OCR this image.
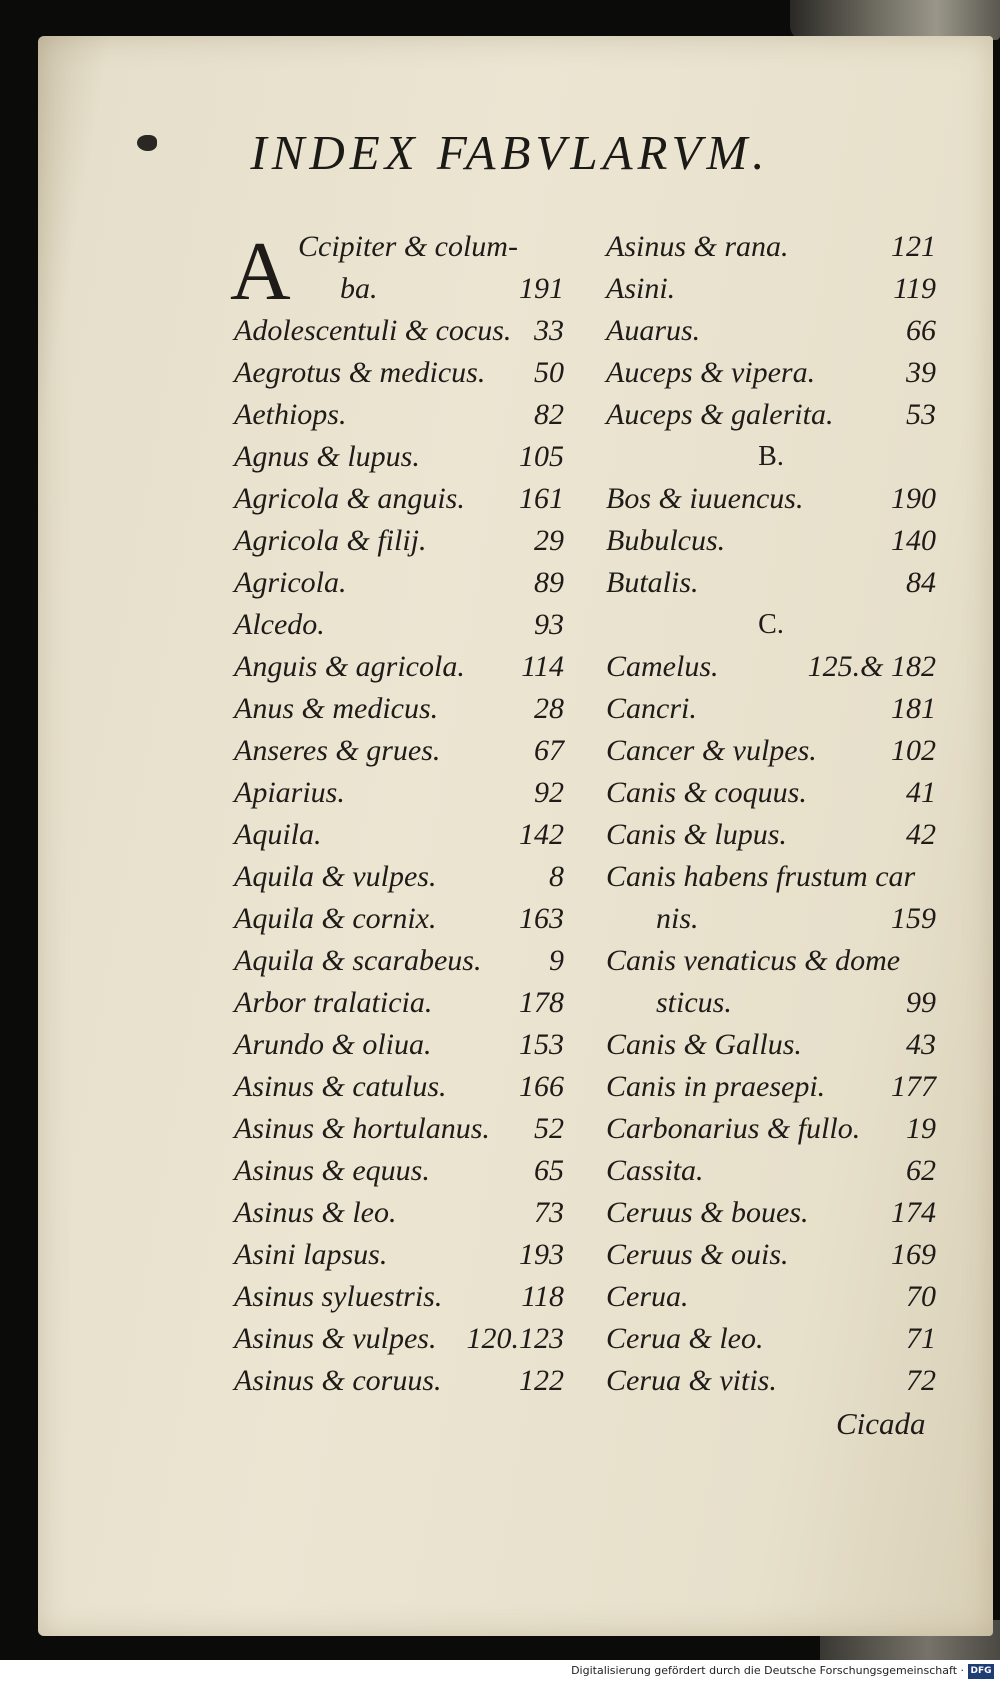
INDEX FABVLARVM.
A Ccipiter & colum-
ba.	191
Adolescentuli & cocus. 33
Aegrotus & medicus. 50
Aethiops.	82
Agnus & lupus.	105
Agricola & anguis. 161
Agricola & filij.	29
Agricola.	89
Alcedo.	93
Anguis & agricola. 114
Anus & medicus.	28
Anseres & grues.	67
Apiarius.	92
Aquila.	142
Aquila & vulpes.	8
Aquila & cornix.	163
Aquila & scarabeus. 9
Arbor tralaticia.	178
Arundo & oliua.	153
Asinus & catulus. 166
Asinus & hortulanus. 52
Asinus & equus.	65
Asinus & leo.	73
Asini lapsus.	193
Asinus syluestris.	118
Asinus & vulpes. 120.123
Asinus & coruus.	122
Asinus & rana.	121
Asini.	119
Auarus.	66
Auceps & vipera.	39
Auceps & galerita. 53
B.
Bos & iuuencus.	190
Bubulcus.	140
Butalis.	84
C.
Camelus.	125.& 182
Cancri.	181
Cancer & vulpes. 102
Canis & coquus.	41
Canis & lupus.	42
Canis habens frustum car
nis.	159
Canis venaticus & dome
sticus.	99
Canis & Gallus.	43
Canis in praesepi. 177
Carbonarius & fullo. 19
Cassita.	62
Ceruus & boues.	174
Ceruus & ouis.	169
Cerua.	70
Cerua & leo.	71
Cerua & vitis.	72
Cicada
Digitalisierung gefördert durch die Deutsche Forschungsgemeinschaft · DFG
